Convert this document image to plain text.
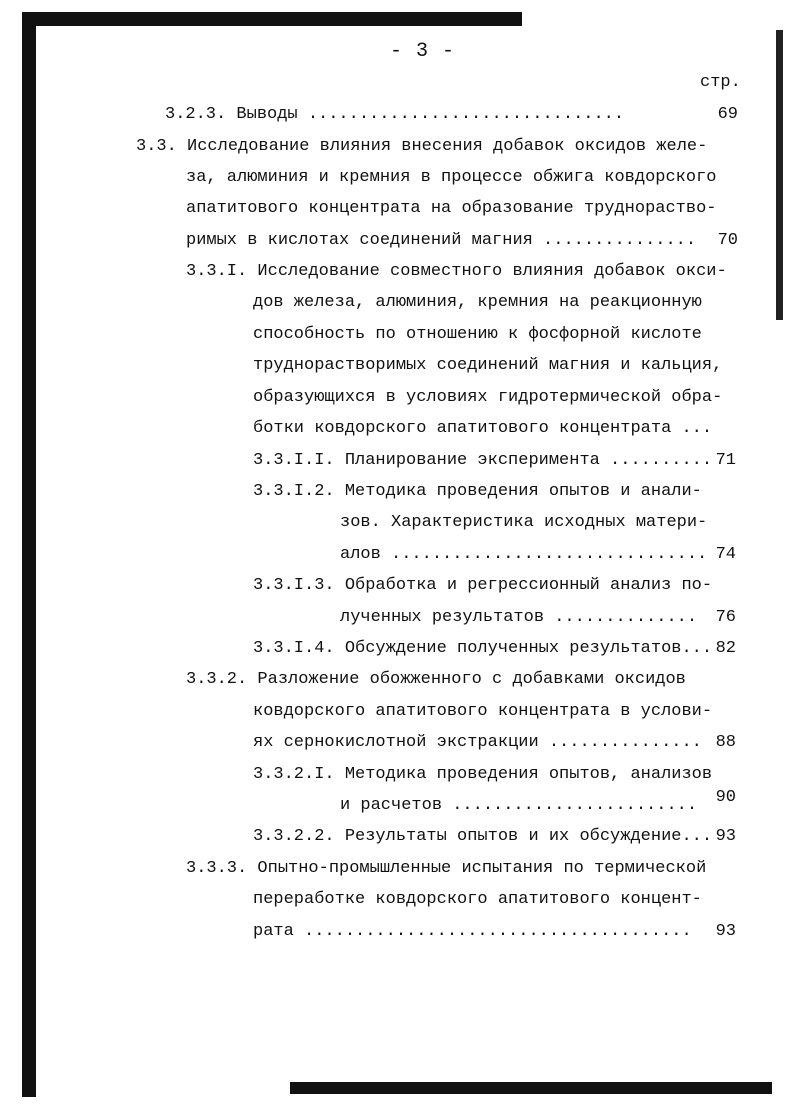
- 3 -
стр.
3.2.3. Выводы ...............................	69
3.3. Исследование влияния внесения добавок оксидов желе-
за, алюминия и кремния в процессе обжига ковдорского
апатитового концентрата на образование труднораство-
римых в кислотах соединений магния ...............	70
3.3.I. Исследование совместного влияния добавок окси-
дов железа, алюминия, кремния на реакционную
способность по отношению к фосфорной кислоте
труднорастворимых соединений магния и кальция,
образующихся в условиях гидротермической обра-
ботки ковдорского апатитового концентрата ...
3.3.I.I. Планирование эксперимента .......... 71
3.3.I.2. Методика проведения опытов и анали-
зов. Характеристика исходных матери-
алов ............................... 74
3.3.I.3. Обработка и регрессионный анализ по-
лученных результатов ..............	76
3.3.I.4. Обсуждение полученных результатов... 82
3.3.2. Разложение обожженного с добавками оксидов
ковдорского апатитового концентрата в услови-
ях сернокислотной экстракции ............... 88
3.3.2.I. Методика проведения опытов, анализов
и расчетов ........................	90
3.3.2.2. Результаты опытов и их обсуждение... 93
3.3.3. Опытно-промышленные испытания по термической
переработке ковдорского апатитового концент-
рата ......................................	93
